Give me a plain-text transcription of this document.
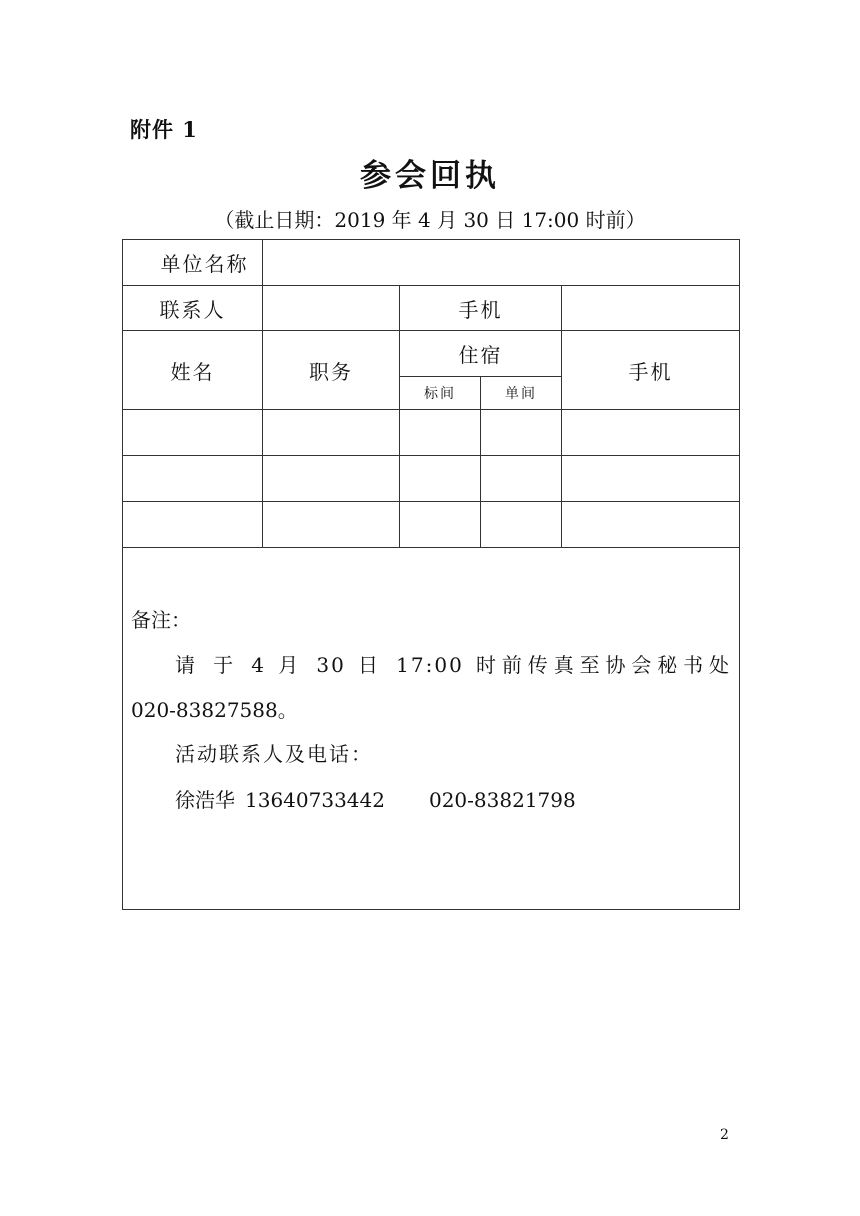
附件 1
参会回执
（截止日期：2019 年 4 月 30 日 17:00 时前）
单位名称				
联系人		手机		
姓名	职务	住宿		手机
		标间	单间	

备注：
请 于 4 月 30 日 17:00 时前传真至协会秘书处
020-83827588。
活动联系人及电话：
徐浩华 13640733442 020-83821798				
2
